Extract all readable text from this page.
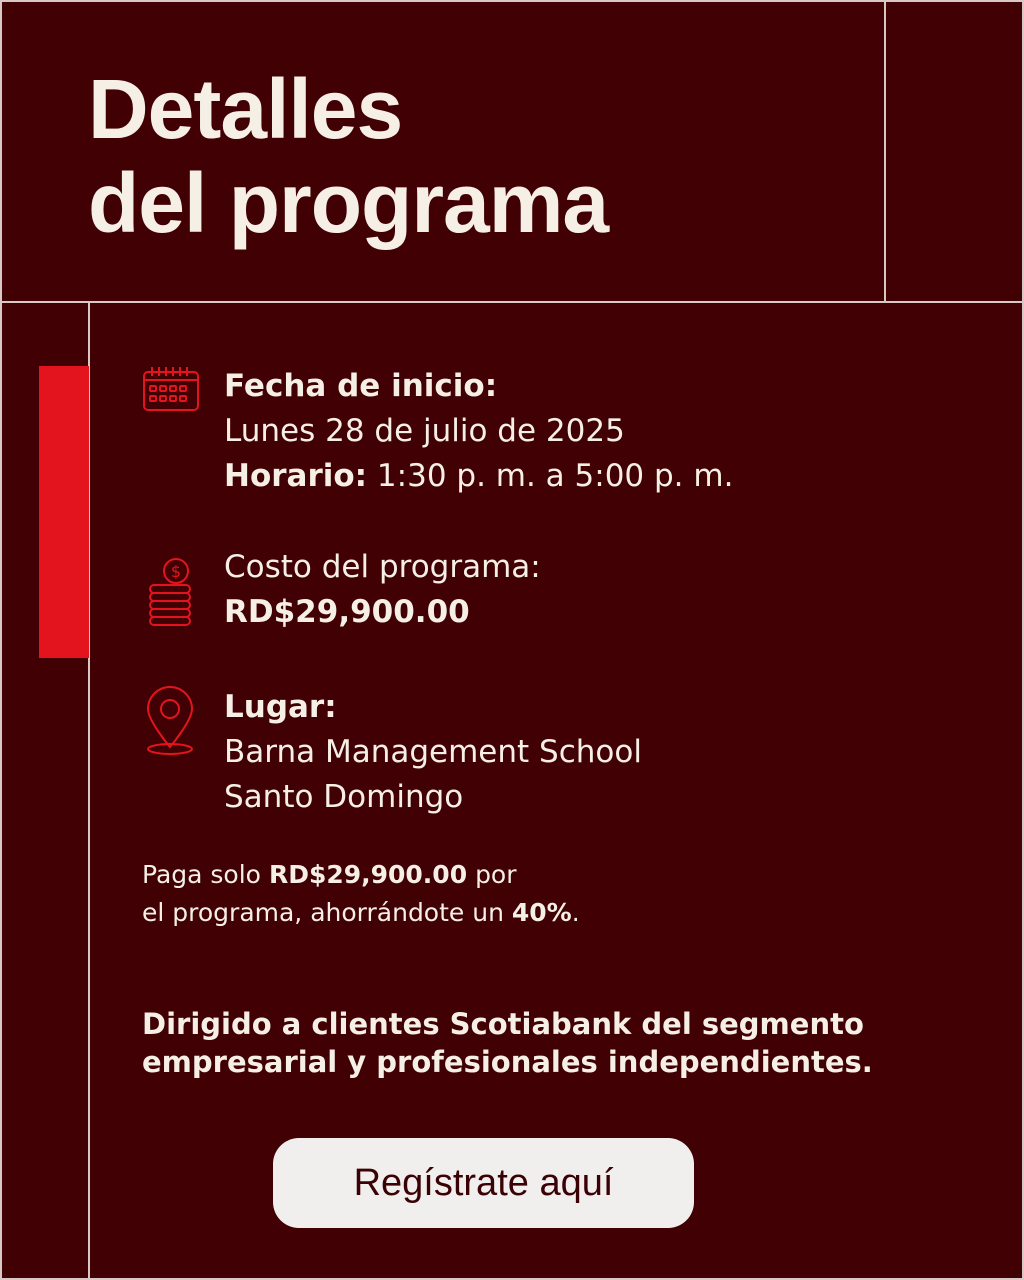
Detalles
del programa
Fecha de inicio:
Lunes 28 de julio de 2025
Horario: 1:30 p. m. a 5:00 p. m.
$ Costo del programa:
RD$29,900.00
Lugar:
Barna Management School
Santo Domingo

Paga solo RD$29,900.00 por
el programa, ahorrándote un 40%.

Dirigido a clientes Scotiabank del segmento
empresarial y profesionales independientes.

Regístrate aquí
